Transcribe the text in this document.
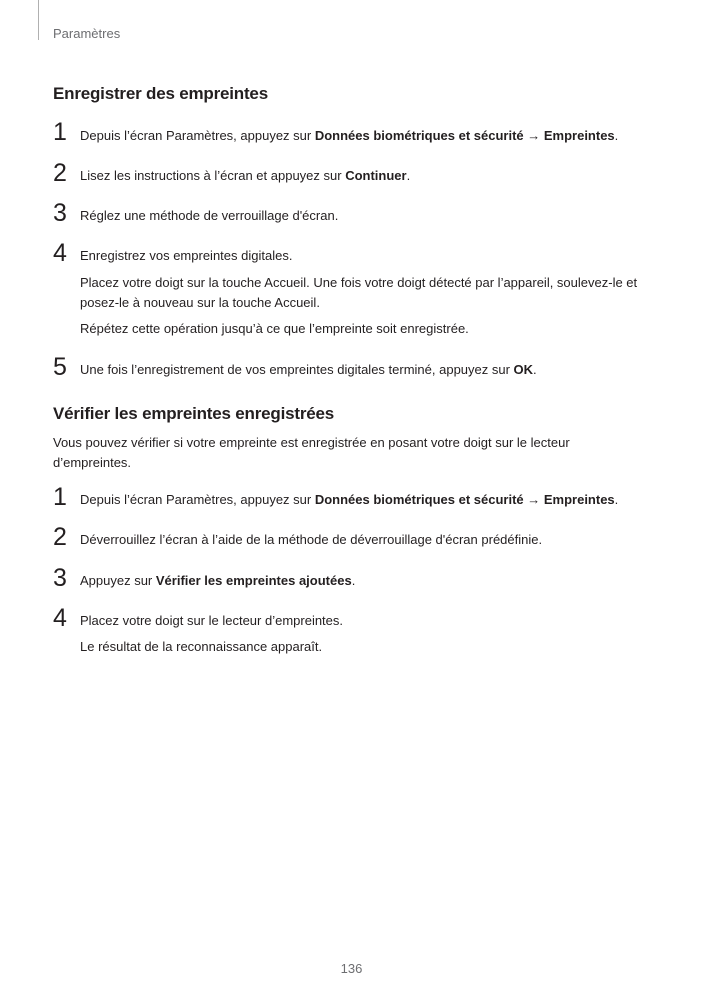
Paramètres
Enregistrer des empreintes
1	Depuis l’écran Paramètres, appuyez sur Données biométriques et sécurité → Empreintes.
2	Lisez les instructions à l’écran et appuyez sur Continuer.
3	Réglez une méthode de verrouillage d'écran.
4	Enregistrez vos empreintes digitales.
Placez votre doigt sur la touche Accueil. Une fois votre doigt détecté par l’appareil, soulevez-le et posez-le à nouveau sur la touche Accueil.
Répétez cette opération jusqu’à ce que l’empreinte soit enregistrée.
5	Une fois l’enregistrement de vos empreintes digitales terminé, appuyez sur OK.
Vérifier les empreintes enregistrées
Vous pouvez vérifier si votre empreinte est enregistrée en posant votre doigt sur le lecteur d’empreintes.
1	Depuis l’écran Paramètres, appuyez sur Données biométriques et sécurité → Empreintes.
2	Déverrouillez l’écran à l’aide de la méthode de déverrouillage d'écran prédéfinie.
3	Appuyez sur Vérifier les empreintes ajoutées.
4	Placez votre doigt sur le lecteur d’empreintes.
Le résultat de la reconnaissance apparaît.
136
